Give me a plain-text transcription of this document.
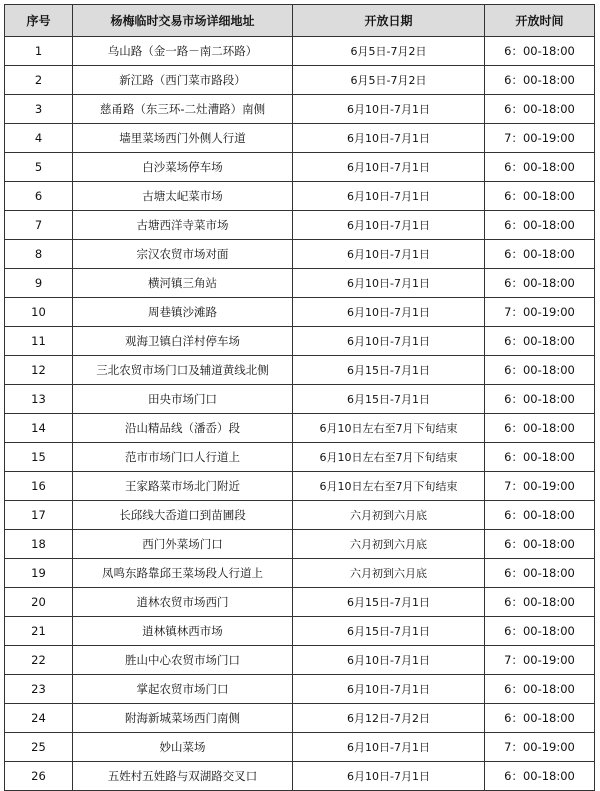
序号	杨梅临时交易市场详细地址	开放日期	开放时间
1	乌山路（金一路－南二环路）	6月5日-7月2日	6：00-18:00
2	新江路（西门菜市路段）	6月5日-7月2日	6：00-18:00
3	慈甬路（东三环-二灶漕路）南侧	6月10日-7月1日	6：00-18:00
4	墙里菜场西门外侧人行道	6月10日-7月1日	7：00-19:00
5	白沙菜场停车场	6月10日-7月1日	6：00-18:00
6	古塘太屺菜市场	6月10日-7月1日	6：00-18:00
7	古塘西洋寺菜市场	6月10日-7月1日	6：00-18:00
8	宗汉农贸市场对面	6月10日-7月1日	6：00-18:00
9	横河镇三角站	6月10日-7月1日	6：00-18:00
10	周巷镇沙滩路	6月10日-7月1日	7：00-19:00
11	观海卫镇白洋村停车场	6月10日-7月1日	6：00-18:00
12	三北农贸市场门口及辅道黄线北侧	6月15日-7月1日	6：00-18:00
13	田央市场门口	6月15日-7月1日	6：00-18:00
14	沿山精品线（潘岙）段	6月10日左右至7月下旬结束	6：00-18:00
15	范市市场门口人行道上	6月10日左右至7月下旬结束	6：00-18:00
16	王家路菜市场北门附近	6月10日左右至7月下旬结束	7：00-19:00
17	长邱线大岙道口到苗圃段	六月初到六月底	6：00-18:00
18	西门外菜场门口	六月初到六月底	6：00-18:00
19	凤鸣东路靠邱王菜场段人行道上	六月初到六月底	6：00-18:00
20	逍林农贸市场西门	6月15日-7月1日	6：00-18:00
21	逍林镇林西市场	6月15日-7月1日	6：00-18:00
22	胜山中心农贸市场门口	6月10日-7月1日	7：00-19:00
23	掌起农贸市场门口	6月10日-7月1日	6：00-18:00
24	附海新城菜场西门南侧	6月12日-7月2日	6：00-18:00
25	妙山菜场	6月10日-7月1日	7：00-19:00
26	五姓村五姓路与双湖路交叉口	6月10日-7月1日	6：00-18:00
